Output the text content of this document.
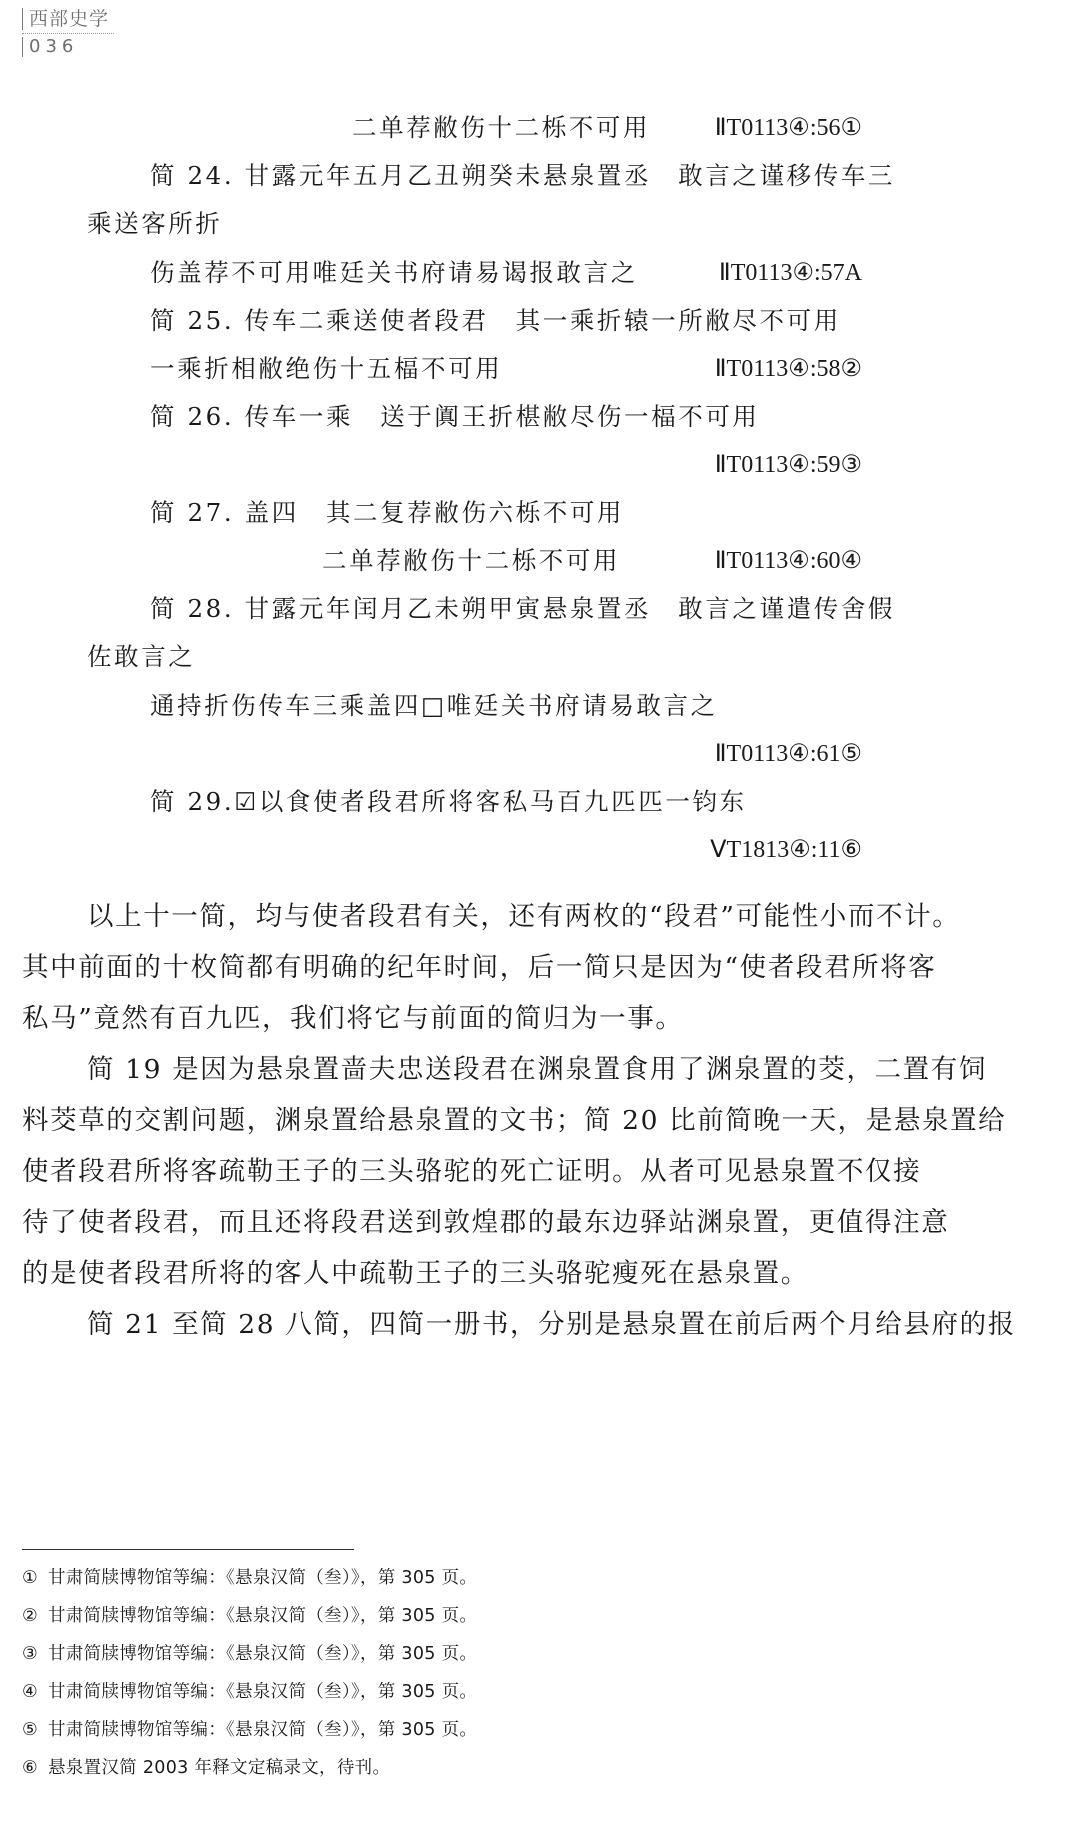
西部史学
036
二单荐敝伤十二栎不可用	ⅡT0113④:56①
简 24. 甘露元年五月乙丑朔癸未悬泉置丞　敢言之谨移传车三
乘送客所折
伤盖荐不可用唯廷关书府请易谒报敢言之	ⅡT0113④:57A
简 25. 传车二乘送使者段君　其一乘折辕一所敝尽不可用
一乘折相敝绝伤十五楅不可用	ⅡT0113④:58②
简 26. 传车一乘　送于阗王折椹敝尽伤一楅不可用
ⅡT0113④:59③
简 27. 盖四　其二复荐敝伤六栎不可用
二单荐敝伤十二栎不可用	ⅡT0113④:60④
简 28. 甘露元年闰月乙未朔甲寅悬泉置丞　敢言之谨遣传舍假
佐敢言之
通持折伤传车三乘盖四□唯廷关书府请易敢言之
ⅡT0113④:61⑤
简 29.☑以食使者段君所将客私马百九匹匹一钧东
ⅤT1813④:11⑥
以上十一简，均与使者段君有关，还有两枚的“段君”可能性小而不计。
其中前面的十枚简都有明确的纪年时间，后一简只是因为“使者段君所将客
私马”竟然有百九匹，我们将它与前面的简归为一事。
简 19 是因为悬泉置啬夫忠送段君在渊泉置食用了渊泉置的茭，二置有饲
料茭草的交割问题，渊泉置给悬泉置的文书；简 20 比前简晚一天，是悬泉置给
使者段君所将客疏勒王子的三头骆驼的死亡证明。从者可见悬泉置不仅接
待了使者段君，而且还将段君送到敦煌郡的最东边驿站渊泉置，更值得注意
的是使者段君所将的客人中疏勒王子的三头骆驼瘦死在悬泉置。
简 21 至简 28 八简，四简一册书，分别是悬泉置在前后两个月给县府的报
① 甘肃简牍博物馆等编：《悬泉汉简（叁）》，第 305 页。
② 甘肃简牍博物馆等编：《悬泉汉简（叁）》，第 305 页。
③ 甘肃简牍博物馆等编：《悬泉汉简（叁）》，第 305 页。
④ 甘肃简牍博物馆等编：《悬泉汉简（叁）》，第 305 页。
⑤ 甘肃简牍博物馆等编：《悬泉汉简（叁）》，第 305 页。
⑥ 悬泉置汉简 2003 年释文定稿录文，待刊。
